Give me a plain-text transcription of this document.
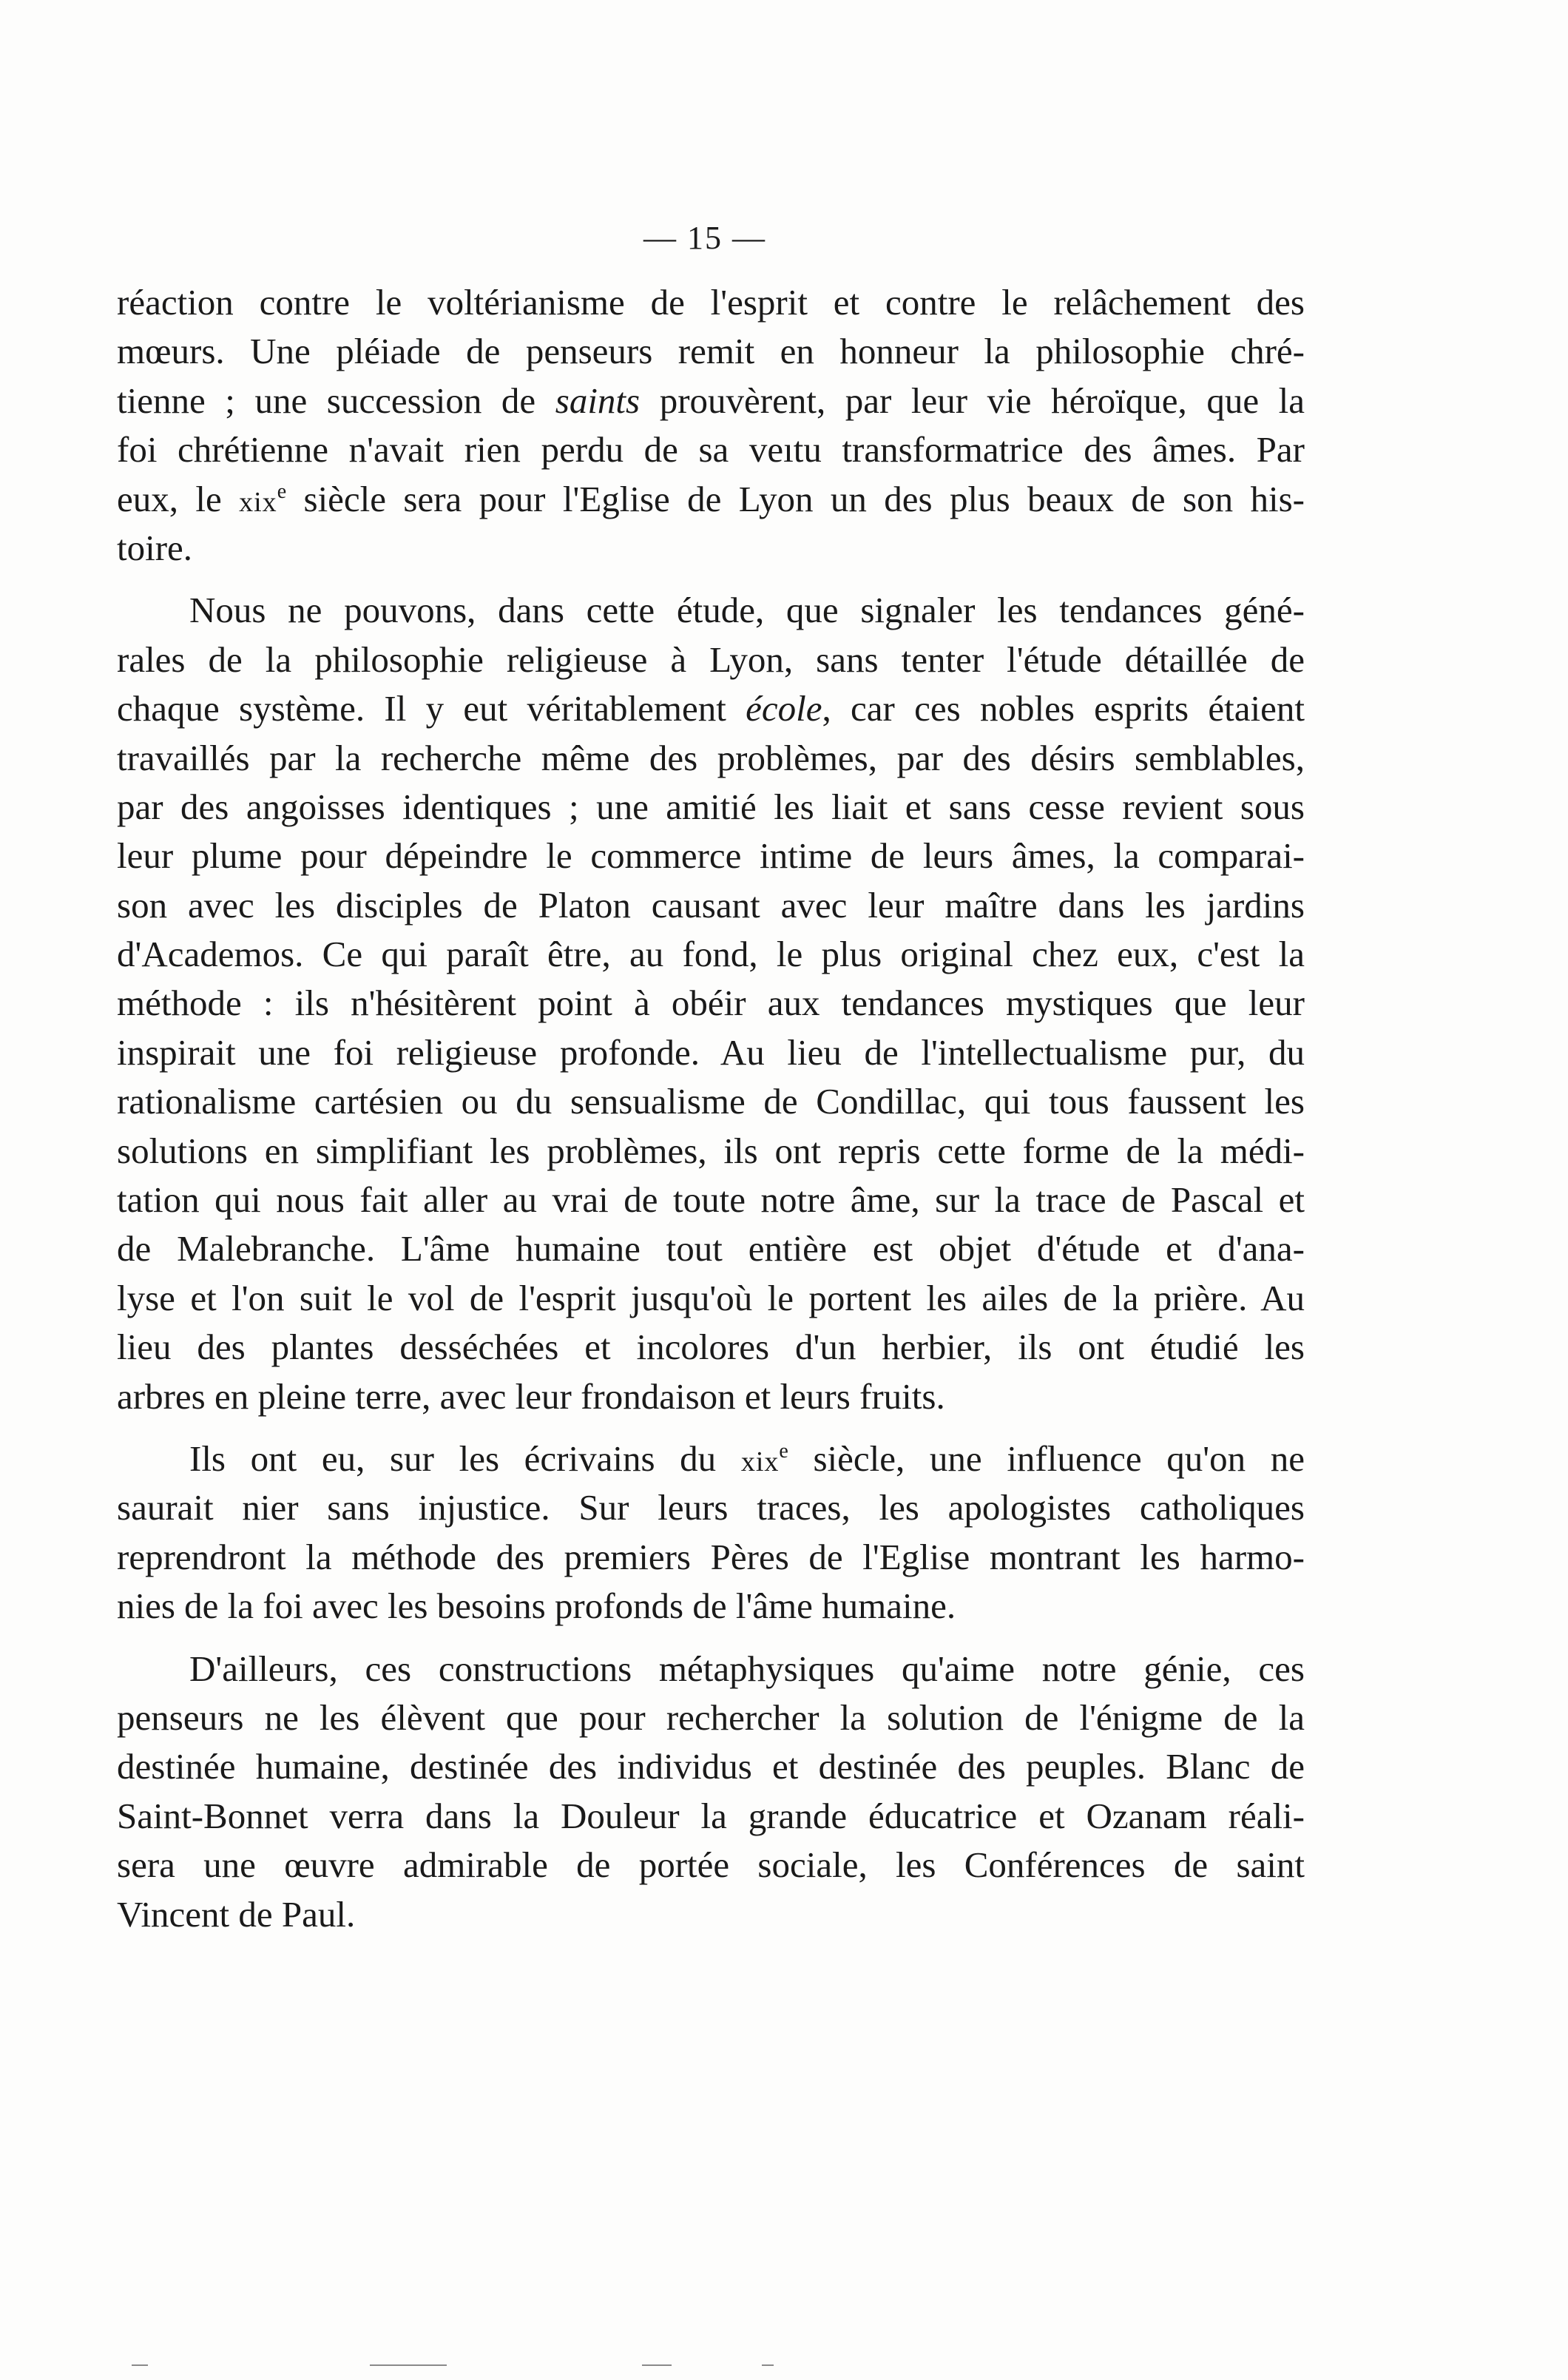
— 15 —
réaction contre le voltérianisme de l'esprit et contre le relâchement des
mœurs. Une pléiade de penseurs remit en honneur la philosophie chré-
tienne ; une succession de saints prouvèrent, par leur vie héroïque, que la
foi chrétienne n'avait rien perdu de sa veıtu transformatrice des âmes. Par
eux, le xix$^e$ siècle sera pour l'Eglise de Lyon un des plus beaux de son his-
toire.
Nous ne pouvons, dans cette étude, que signaler les tendances géné-
rales de la philosophie religieuse à Lyon, sans tenter l'étude détaillée de
chaque système. Il y eut véritablement école, car ces nobles esprits étaient
travaillés par la recherche même des problèmes, par des désirs semblables,
par des angoisses identiques ; une amitié les liait et sans cesse revient sous
leur plume pour dépeindre le commerce intime de leurs âmes, la comparai-
son avec les disciples de Platon causant avec leur maître dans les jardins
d'Academos. Ce qui paraît être, au fond, le plus original chez eux, c'est la
méthode : ils n'hésitèrent point à obéir aux tendances mystiques que leur
inspirait une foi religieuse profonde. Au lieu de l'intellectualisme pur, du
rationalisme cartésien ou du sensualisme de Condillac, qui tous faussent les
solutions en simplifiant les problèmes, ils ont repris cette forme de la médi-
tation qui nous fait aller au vrai de toute notre âme, sur la trace de Pascal et
de Malebranche. L'âme humaine tout entière est objet d'étude et d'ana-
lyse et l'on suit le vol de l'esprit jusqu'où le portent les ailes de la prière. Au
lieu des plantes desséchées et incolores d'un herbier, ils ont étudié les
arbres en pleine terre, avec leur frondaison et leurs fruits.
Ils ont eu, sur les écrivains du xix$^e$ siècle, une influence qu'on ne
saurait nier sans injustice. Sur leurs traces, les apologistes catholiques
reprendront la méthode des premiers Pères de l'Eglise montrant les harmo-
nies de la foi avec les besoins profonds de l'âme humaine.
D'ailleurs, ces constructions métaphysiques qu'aime notre génie, ces
penseurs ne les élèvent que pour rechercher la solution de l'énigme de la
destinée humaine, destinée des individus et destinée des peuples. Blanc de
Saint-Bonnet verra dans la Douleur la grande éducatrice et Ozanam réali-
sera une œuvre admirable de portée sociale, les Conférences de saint
Vincent de Paul.
